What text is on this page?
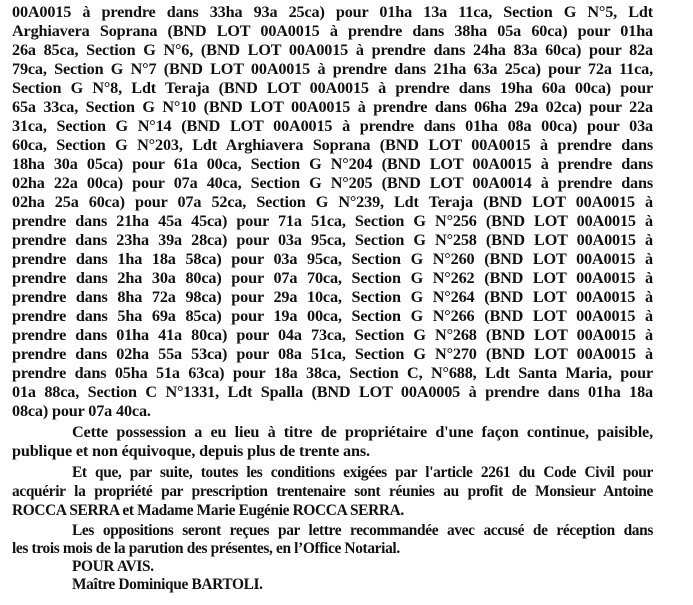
00A0015 à prendre dans 33ha 93a 25ca) pour 01ha 13a 11ca, Section G N°5, Ldt
Arghiavera Soprana (BND LOT 00A0015 à prendre dans 38ha 05a 60ca) pour 01ha
26a 85ca, Section G N°6, (BND LOT 00A0015 à prendre dans 24ha 83a 60ca) pour 82a
79ca, Section G N°7 (BND LOT 00A0015 à prendre dans 21ha 63a 25ca) pour 72a 11ca,
Section G N°8, Ldt Teraja (BND LOT 00A0015 à prendre dans 19ha 60a 00ca) pour
65a 33ca, Section G N°10 (BND LOT 00A0015 à prendre dans 06ha 29a 02ca) pour 22a
31ca, Section G N°14 (BND LOT 00A0015 à prendre dans 01ha 08a 00ca) pour 03a
60ca, Section G N°203, Ldt Arghiavera Soprana (BND LOT 00A0015 à prendre dans
18ha 30a 05ca) pour 61a 00ca, Section G N°204 (BND LOT 00A0015 à prendre dans
02ha 22a 00ca) pour 07a 40ca, Section G N°205 (BND LOT 00A0014 à prendre dans
02ha 25a 60ca) pour 07a 52ca, Section G N°239, Ldt Teraja (BND LOT 00A0015 à
prendre dans 21ha 45a 45ca) pour 71a 51ca, Section G N°256 (BND LOT 00A0015 à
prendre dans 23ha 39a 28ca) pour 03a 95ca, Section G N°258 (BND LOT 00A0015 à
prendre dans 1ha 18a 58ca) pour 03a 95ca, Section G N°260 (BND LOT 00A0015 à
prendre dans 2ha 30a 80ca) pour 07a 70ca, Section G N°262 (BND LOT 00A0015 à
prendre dans 8ha 72a 98ca) pour 29a 10ca, Section G N°264 (BND LOT 00A0015 à
prendre dans 5ha 69a 85ca) pour 19a 00ca, Section G N°266 (BND LOT 00A0015 à
prendre dans 01ha 41a 80ca) pour 04a 73ca, Section G N°268 (BND LOT 00A0015 à
prendre dans 02ha 55a 53ca) pour 08a 51ca, Section G N°270 (BND LOT 00A0015 à
prendre dans 05ha 51a 63ca) pour 18a 38ca, Section C, N°688, Ldt Santa Maria, pour
01a 88ca, Section C N°1331, Ldt Spalla (BND LOT 00A0005 à prendre dans 01ha 18a
08ca) pour 07a 40ca.
Cette possession a eu lieu à titre de propriétaire d'une façon continue, paisible,
publique et non équivoque, depuis plus de trente ans.
Et que, par suite, toutes les conditions exigées par l'article 2261 du Code Civil pour
acquérir la propriété par prescription trentenaire sont réunies au profit de Monsieur Antoine
ROCCA SERRA et Madame Marie Eugénie ROCCA SERRA.
Les oppositions seront reçues par lettre recommandée avec accusé de réception dans
les trois mois de la parution des présentes, en l’Office Notarial.
POUR AVIS.
Maître Dominique BARTOLI.
